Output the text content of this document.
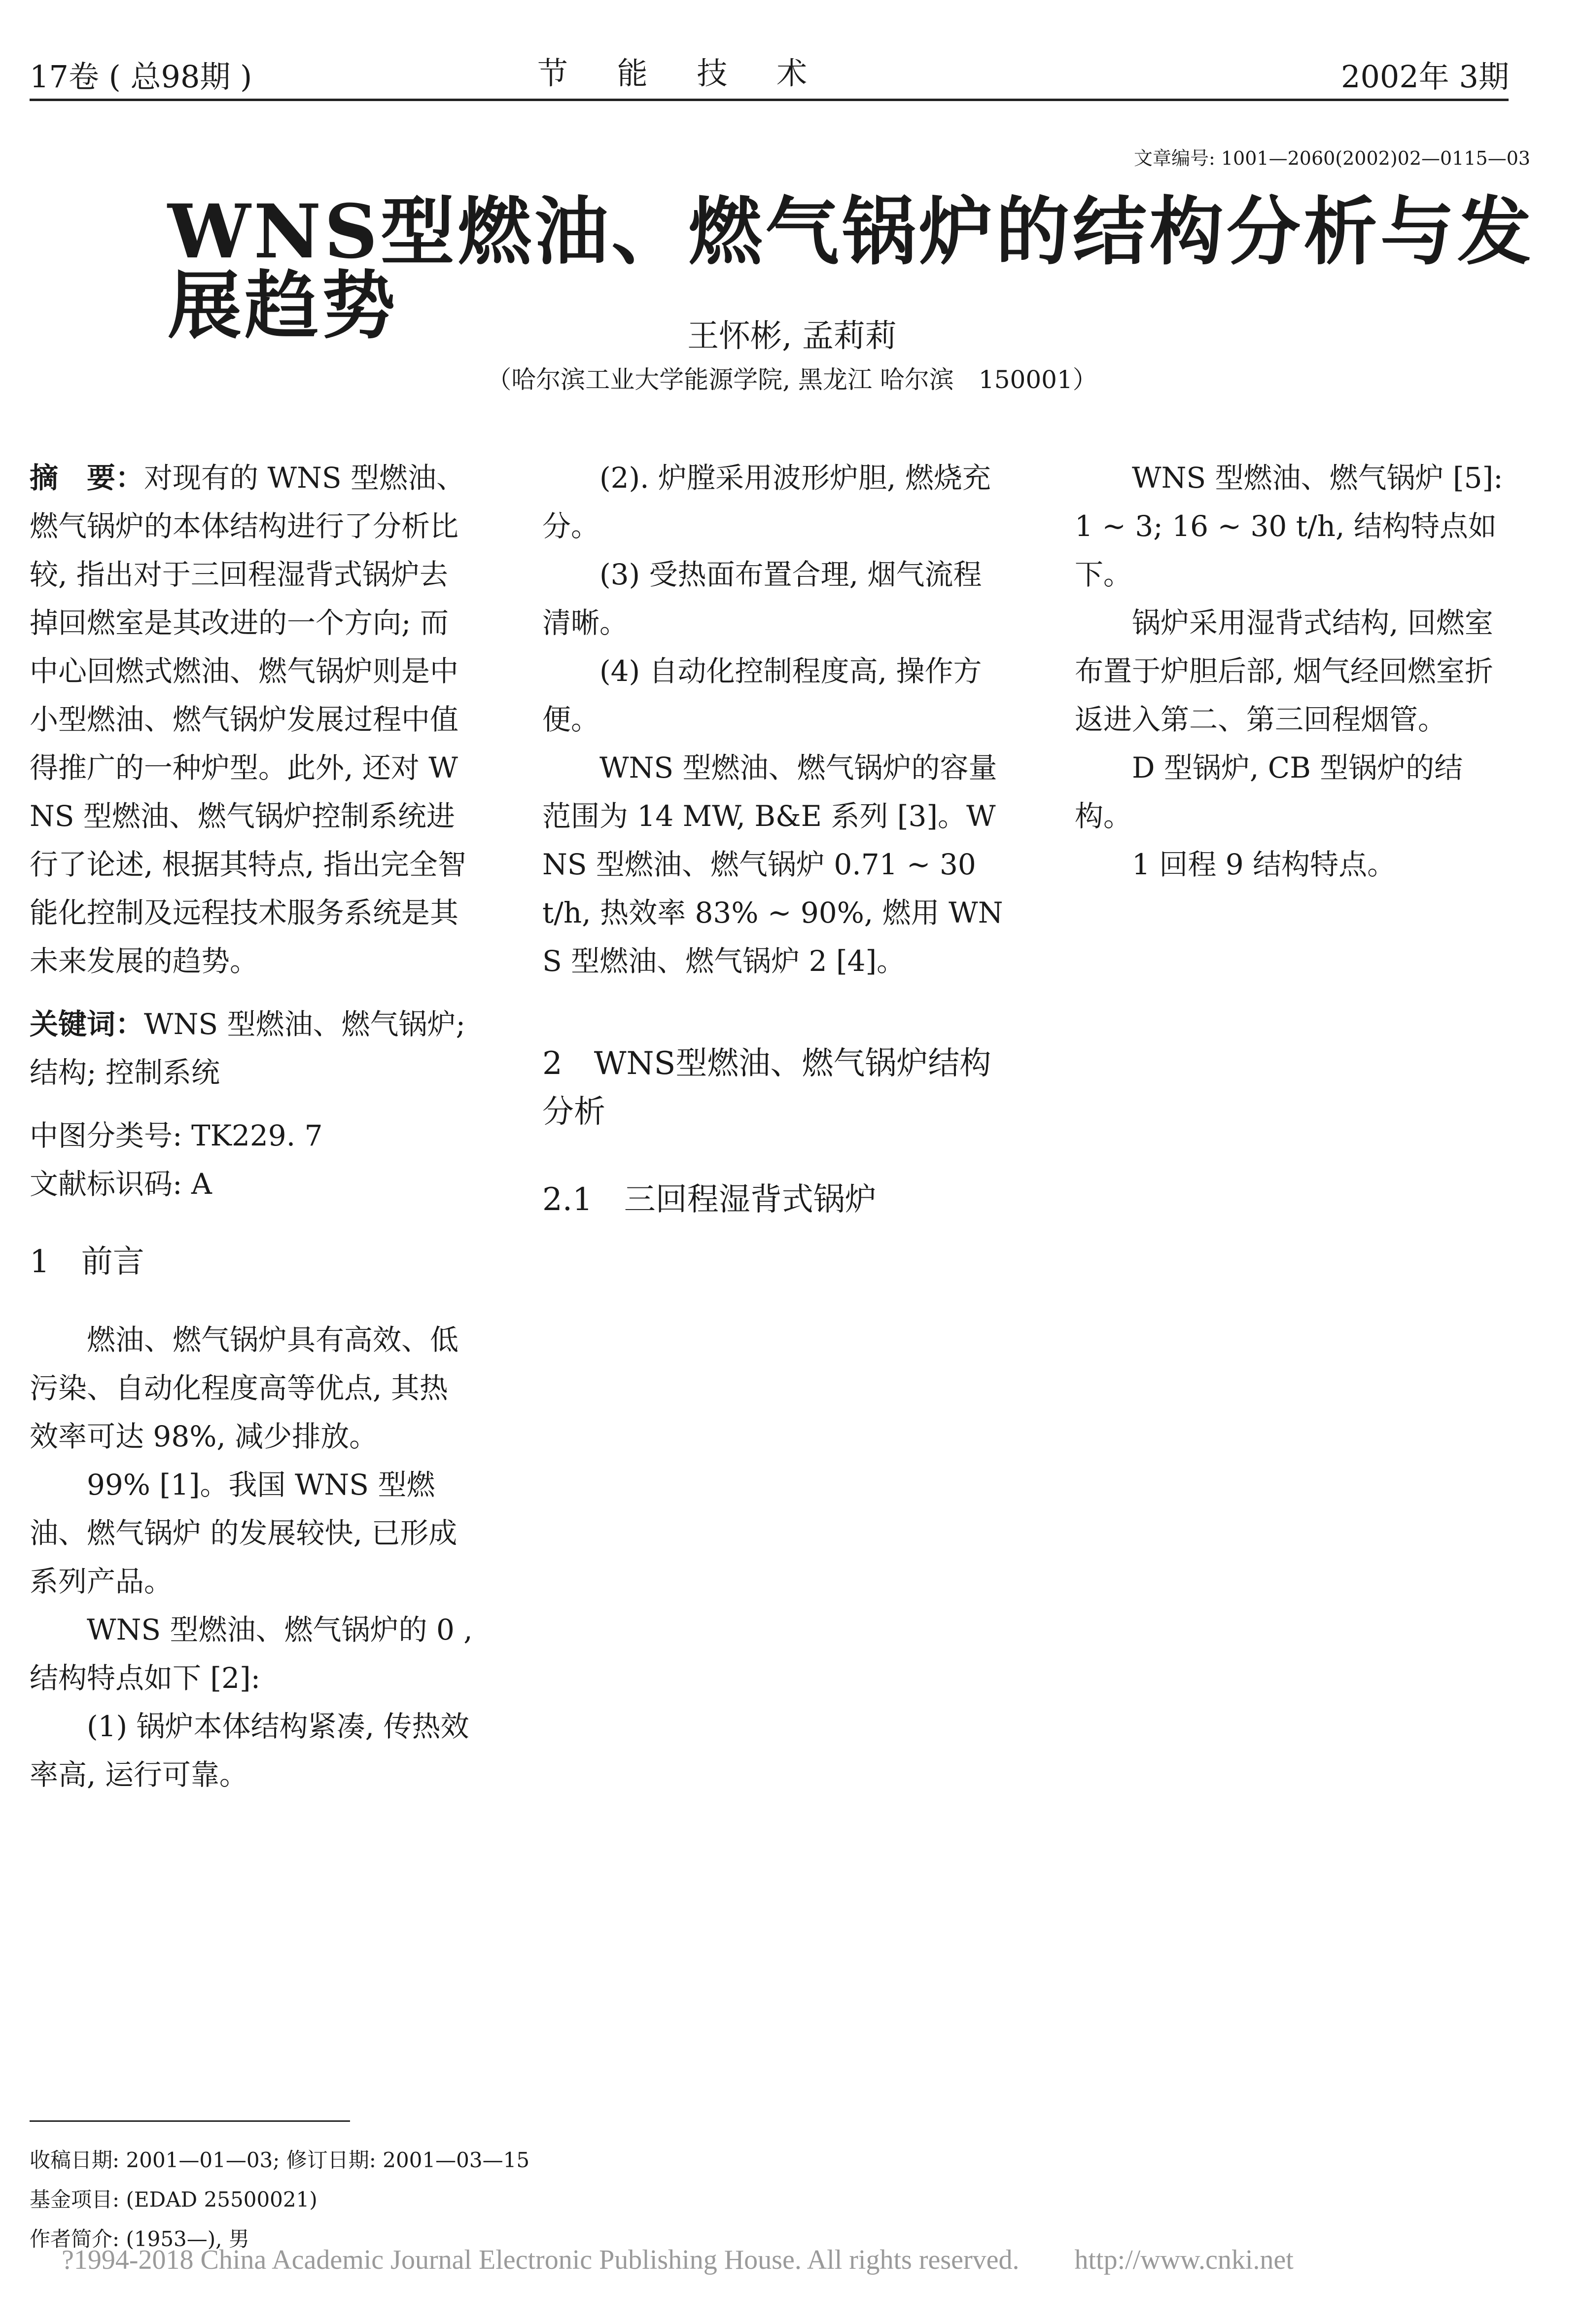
17卷 ( 总98期 )	节 能 技 术	2002年 3期
文章编号: 1001—2060(2002)02—0115—03
WNS型燃油、燃气锅炉的结构分析与发展趋势	王怀彬, 孟莉莉
（哈尔滨工业大学能源学院, 黑龙江 哈尔滨　150001）

摘　要：对现有的 WNS 型燃油、燃气锅炉的本体结构进行了分析比较, 指出对于三回程湿背式锅炉去掉回燃室是其改进的一个方向; 而中心回燃式燃油、燃气锅炉则是中小型燃油、燃气锅炉发展过程中值得推广的一种炉型。此外, 还对 WNS 型燃油、燃气锅炉控制系统进行了论述, 根据其特点, 指出完全智能化控制及远程技术服务系统是其未来发展的趋势。

关键词：WNS 型燃油、燃气锅炉; 结构; 控制系统

中图分类号: TK229. 7

文献标识码: A

1　前言

燃油、燃气锅炉具有高效、低污染、自动化程度高等优点, 其热效率可达 98%, 减少排放。

99% [1]。我国 WNS 型燃油、燃气锅炉 的发展较快, 已形成系列产品。

WNS 型燃油、燃气锅炉的 0 , 结构特点如下 [2]:

(1) 锅炉本体结构紧凑, 传热效率高, 运行可靠。

(2). 炉膛采用波形炉胆, 燃烧充分。

(3) 受热面布置合理, 烟气流程清晰。

(4) 自动化控制程度高, 操作方便。

WNS 型燃油、燃气锅炉的容量范围为 14 MW, B&E 系列 [3]。WNS 型燃油、燃气锅炉 0.71 ~ 30 t/h, 热效率 83% ~ 90%, 燃用 WNS 型燃油、燃气锅炉 2 [4]。

2　WNS型燃油、燃气锅炉结构分析

2.1　三回程湿背式锅炉

WNS 型燃油、燃气锅炉 [5]: 1 ~ 3; 16 ~ 30 t/h, 结构特点如下。

锅炉采用湿背式结构, 回燃室布置于炉胆后部, 烟气经回燃室折返进入第二、第三回程烟管。

D 型锅炉, CB 型锅炉的结构。

1 回程 9 结构特点。

收稿日期: 2001—01—03; 修订日期: 2001—03—15
基金项目: (EDAD 25500021)
作者简介: (1953—), 男
?1994-2018 China Academic Journal Electronic Publishing House. All rights reserved.　　http://www.cnki.net
